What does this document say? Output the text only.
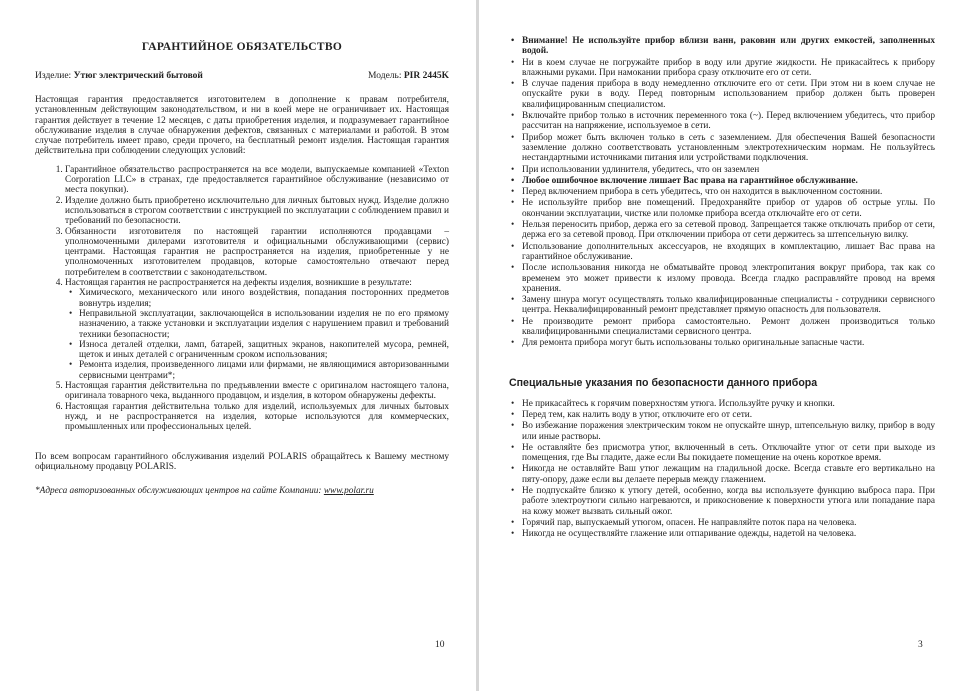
ГАРАНТИЙНОЕ ОБЯЗАТЕЛЬСТВО
Изделие: Утюг электрический бытовой	Модель: PIR 2445K

Настоящая гарантия предоставляется изготовителем в дополнение к правам потребителя, установленным действующим законодательством, и ни в коей мере не ограничивает их. Настоящая гарантия действует в течение 12 месяцев, с даты приобретения изделия, и подразумевает гарантийное обслуживание изделия в случае обнаружения дефектов, связанных с материалами и работой. В этом случае потребитель имеет право, среди прочего, на бесплатный ремонт изделия. Настоящая гарантия действительна при соблюдении следующих условий:

1. Гарантийное обязательство распространяется на все модели, выпускаемые компанией «Texton Corporation LLC» в странах, где предоставляется гарантийное обслуживание (независимо от места покупки).
2. Изделие должно быть приобретено исключительно для личных бытовых нужд. Изделие должно использоваться в строгом соответствии с инструкцией по эксплуатации с соблюдением правил и требований по безопасности.
3. Обязанности изготовителя по настоящей гарантии исполняются продавцами – уполномоченными дилерами изготовителя и официальными обслуживающими (сервис) центрами. Настоящая гарантия не распространяется на изделия, приобретенные у не уполномоченных изготовителем продавцов, которые самостоятельно отвечают перед потребителем в соответствии с законодательством.
4. Настоящая гарантия не распространяется на дефекты изделия, возникшие в результате:
• Химического, механического или иного воздействия, попадания посторонних предметов вовнутрь изделия;
• Неправильной эксплуатации, заключающейся в использовании изделия не по его прямому назначению, а также установки и эксплуатации изделия с нарушением правил и требований техники безопасности;
• Износа деталей отделки, ламп, батарей, защитных экранов, накопителей мусора, ремней, щеток и иных деталей с ограниченным сроком использования;
• Ремонта изделия, произведенного лицами или фирмами, не являющимися авторизованными сервисными центрами*;
5. Настоящая гарантия действительна по предъявлении вместе с оригиналом настоящего талона, оригинала товарного чека, выданного продавцом, и изделия, в котором обнаружены дефекты.
6. Настоящая гарантия действительна только для изделий, используемых для личных бытовых нужд, и не распространяется на изделия, которые используются для коммерческих, промышленных или профессиональных целей.

По всем вопросам гарантийного обслуживания изделий POLARIS обращайтесь к Вашему местному официальному продавцу POLARIS.

*Адреса авторизованных обслуживающих центров на сайте Компании: www.polar.ru

10
• Внимание! Не используйте прибор вблизи ванн, раковин или других емкостей, заполненных водой.
• Ни в коем случае не погружайте прибор в воду или другие жидкости. Не прикасайтесь к прибору влажными руками. При намокании прибора сразу отключите его от сети.
• В случае падения прибора в воду немедленно отключите его от сети. При этом ни в коем случае не опускайте руки в воду. Перед повторным использованием прибор должен быть проверен квалифицированным специалистом.
• Включайте прибор только в источник переменного тока (~). Перед включением убедитесь, что прибор рассчитан на напряжение, используемое в сети.
• Прибор может быть включен только в сеть с заземлением. Для обеспечения Вашей безопасности заземление должно соответствовать установленным электротехническим нормам. Не пользуйтесь нестандартными источниками питания или устройствами подключения.
• При использовании удлинителя, убедитесь, что он заземлен
• Любое ошибочное включение лишает Вас права на гарантийное обслуживание.
• Перед включением прибора в сеть убедитесь, что он находится в выключенном состоянии.
• Не используйте прибор вне помещений. Предохраняйте прибор от ударов об острые углы. По окончании эксплуатации, чистке или поломке прибора всегда отключайте его от сети.
• Нельзя переносить прибор, держа его за сетевой провод. Запрещается также отключать прибор от сети, держа его за сетевой провод. При отключении прибора от сети держитесь за штепсельную вилку.
• Использование дополнительных аксессуаров, не входящих в комплектацию, лишает Вас права на гарантийное обслуживание.
• После использования никогда не обматывайте провод электропитания вокруг прибора, так как со временем это может привести к излому провода. Всегда гладко расправляйте провод на время хранения.
• Замену шнура могут осуществлять только квалифицированные специалисты - сотрудники сервисного центра. Неквалифицированный ремонт представляет прямую опасность для пользователя.
• Не производите ремонт прибора самостоятельно. Ремонт должен производиться только квалифицированными специалистами сервисного центра.
• Для ремонта прибора могут быть использованы только оригинальные запасные части.
Специальные указания по безопасности данного прибора
• Не прикасайтесь к горячим поверхностям утюга. Используйте ручку и кнопки.
• Перед тем, как налить воду в утюг, отключите его от сети.
• Во избежание поражения электрическим током не опускайте шнур, штепсельную вилку, прибор в воду или иные растворы.
• Не оставляйте без присмотра утюг, включенный в сеть. Отключайте утюг от сети при выходе из помещения, где Вы гладите, даже если Вы покидаете помещение на очень короткое время.
• Никогда не оставляйте Ваш утюг лежащим на гладильной доске. Всегда ставьте его вертикально на пяту-опору, даже если вы делаете перерыв между глажением.
• Не подпускайте близко к утюгу детей, особенно, когда вы используете функцию выброса пара. При работе электроутюги сильно нагреваются, и прикосновение к поверхности утюга или попадание пара на кожу может вызвать сильный ожог.
• Горячий пар, выпускаемый утюгом, опасен. Не направляйте поток пара на человека.
• Никогда не осуществляйте глажение или отпаривание одежды, надетой на человека.
3
